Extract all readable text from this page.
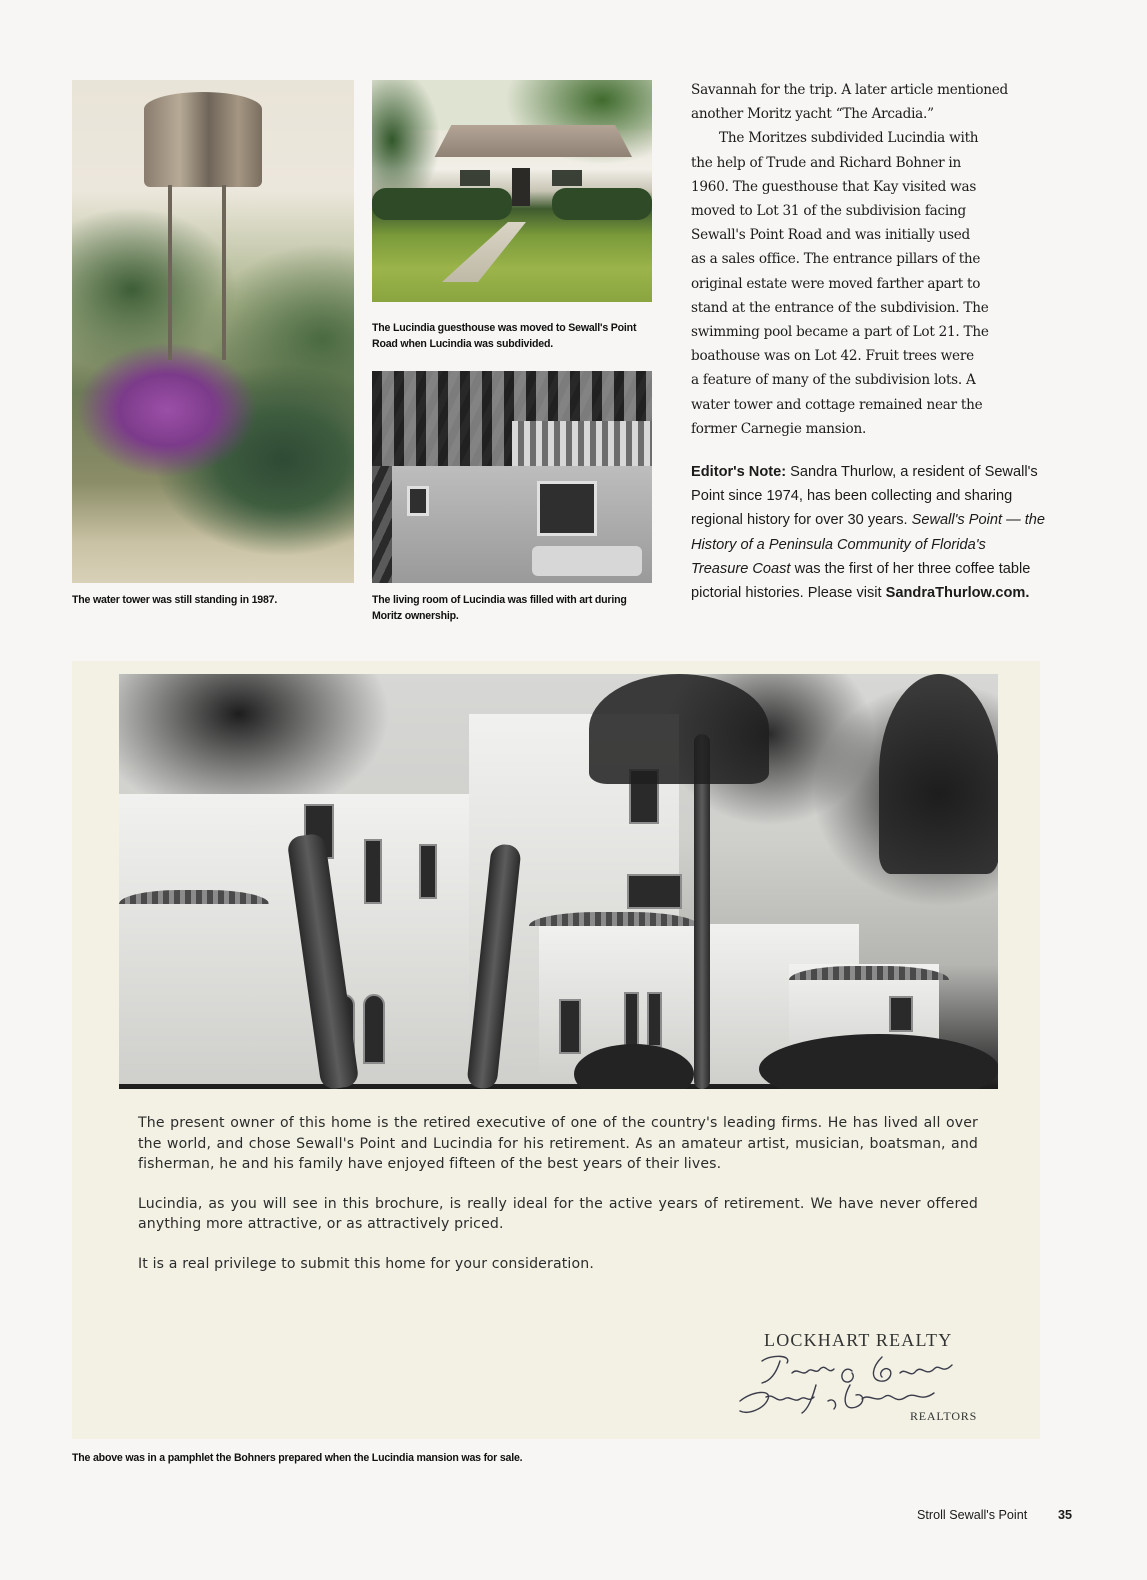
The water tower was still standing in 1987.
The Lucindia guesthouse was moved to Sewall's Point Road when Lucindia was subdivided.
The living room of Lucindia was filled with art during Moritz ownership.

Savannah for the trip. A later article mentioned

another Moritz yacht “The Arcadia.”

The Moritzes subdivided Lucindia with

the help of Trude and Richard Bohner in

1960. The guesthouse that Kay visited was

moved to Lot 31 of the subdivision facing

Sewall's Point Road and was initially used

as a sales office. The entrance pillars of the

original estate were moved farther apart to

stand at the entrance of the subdivision. The

swimming pool became a part of Lot 21. The

boathouse was on Lot 42. Fruit trees were

a feature of many of the subdivision lots. A

water tower and cottage remained near the

former Carnegie mansion.

Editor's Note: Sandra Thurlow, a resident of Sewall's Point since 1974, has been collecting and sharing regional history for over 30 years. Sewall's Point — the History of a Peninsula Community of Florida's Treasure Coast was the first of her three coffee table pictorial histories. Please visit SandraThurlow.com.

The present owner of this home is the retired executive of one of the country's leading firms. He has lived all over the world, and chose Sewall's Point and Lucindia for his retirement. As an amateur artist, musician, boatsman, and fisherman, he and his family have enjoyed fifteen of the best years of their lives.

Lucindia, as you will see in this brochure, is really ideal for the active years of retirement. We have never offered anything more attractive, or as attractively priced.

It is a real privilege to submit this home for your consideration.

LOCKHART REALTY
REALTORS
The above was in a pamphlet the Bohners prepared when the Lucindia mansion was for sale.
Stroll Sewall's Point 35
